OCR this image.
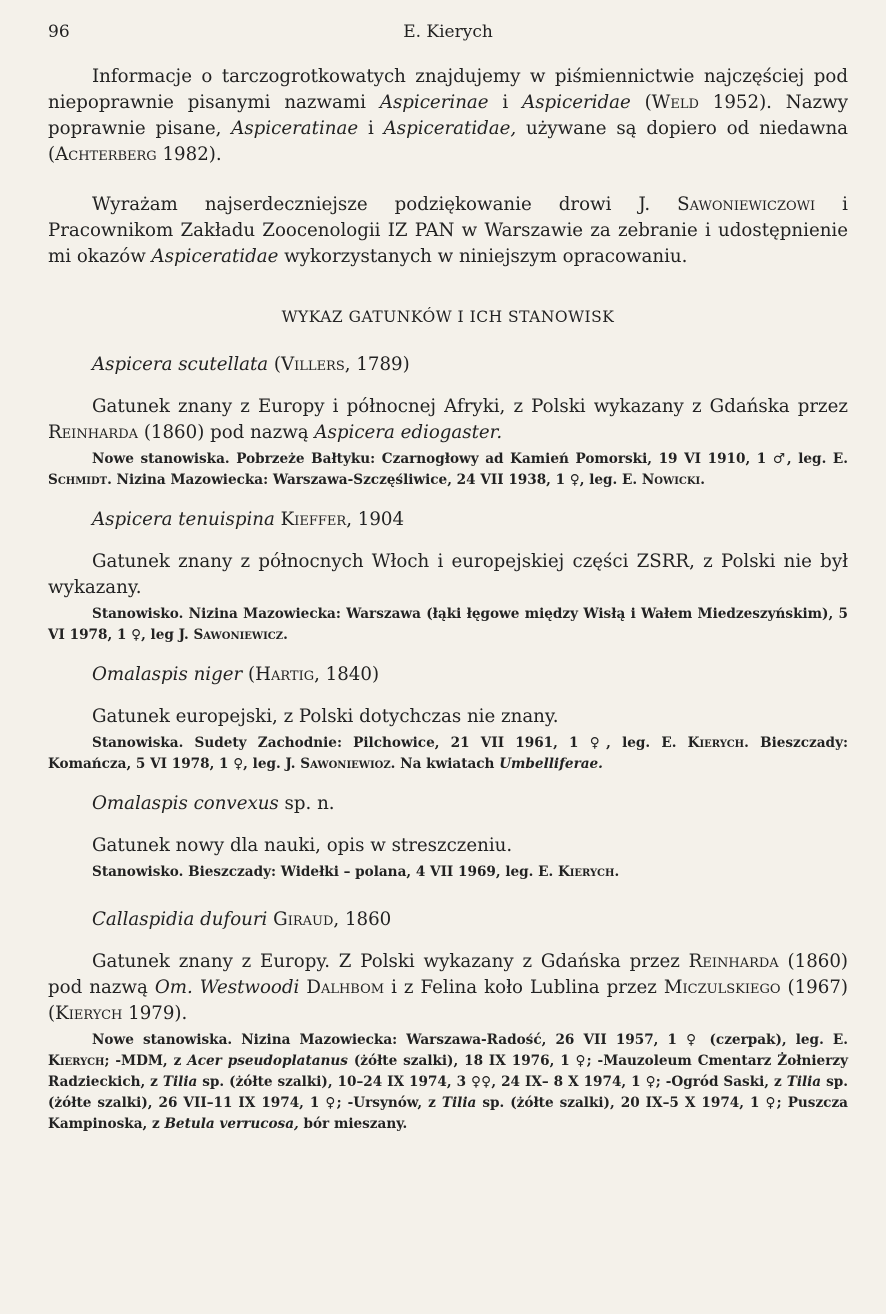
96	E. Kierych

Informacje o tarczogrotkowatych znajdujemy w piśmiennictwie najczęściej pod niepoprawnie pisanymi nazwami Aspicerinae i Aspiceridae (Weld 1952). Nazwy poprawnie pisane, Aspiceratinae i Aspiceratidae, używane są dopiero od niedawna (Achterberg 1982).

Wyrażam najserdeczniejsze podziękowanie drowi J. Sawoniewiczowi i Pracownikom Zakładu Zoocenologii IZ PAN w Warszawie za zebranie i udostępnienie mi okazów Aspiceratidae wykorzystanych w niniejszym opracowaniu.

WYKAZ GATUNKÓW I ICH STANOWISK
Aspicera scutellata (Villers, 1789)

Gatunek znany z Europy i północnej Afryki, z Polski wykazany z Gdańska przez Reinharda (1860) pod nazwą Aspicera ediogaster.

Nowe stanowiska. Pobrzeże Bałtyku: Czarnogłowy ad Kamień Pomorski, 19 VI 1910, 1 ♂, leg. E. Schmidt. Nizina Mazowiecka: Warszawa-Szczęśliwice, 24 VII 1938, 1 ♀, leg. E. Nowicki.

Aspicera tenuispina Kieffer, 1904

Gatunek znany z północnych Włoch i europejskiej części ZSRR, z Polski nie był wykazany.

Stanowisko. Nizina Mazowiecka: Warszawa (łąki łęgowe między Wisłą i Wałem Miedzeszyńskim), 5 VI 1978, 1 ♀, leg J. Sawoniewicz.

Omalaspis niger (Hartig, 1840)

Gatunek europejski, z Polski dotychczas nie znany.

Stanowiska. Sudety Zachodnie: Pilchowice, 21 VII 1961, 1 ♀, leg. E. Kierych. Bieszczady: Komańcza, 5 VI 1978, 1 ♀, leg. J. Sawoniewioz. Na kwiatach Umbelliferae.

Omalaspis convexus sp. n.

Gatunek nowy dla nauki, opis w streszczeniu.

Stanowisko. Bieszczady: Widełki – polana, 4 VII 1969, leg. E. Kierych.

Callaspidia dufouri Giraud, 1860

Gatunek znany z Europy. Z Polski wykazany z Gdańska przez Reinharda (1860) pod nazwą Om. Westwoodi Dalhbom i z Felina koło Lublina przez Miczulskiego (1967) (Kierych 1979).

Nowe stanowiska. Nizina Mazowiecka: Warszawa-Radość, 26 VII 1957, 1 ♀ (czerpak), leg. E. Kierych; -MDM, z Acer pseudoplatanus (żółte szalki), 18 IX 1976, 1 ♀; -Mauzoleum Cmentarz Żołnierzy Radzieckich, z Tilia sp. (żółte szalki), 10–24 IX 1974, 3 ♀♀, 24 IX– 8 X 1974, 1 ♀; -Ogród Saski, z Tilia sp. (żółte szalki), 26 VII–11 IX 1974, 1 ♀; -Ursynów, z Tilia sp. (żółte szalki), 20 IX–5 X 1974, 1 ♀; Puszcza Kampinoska, z Betula verrucosa, bór mieszany.
